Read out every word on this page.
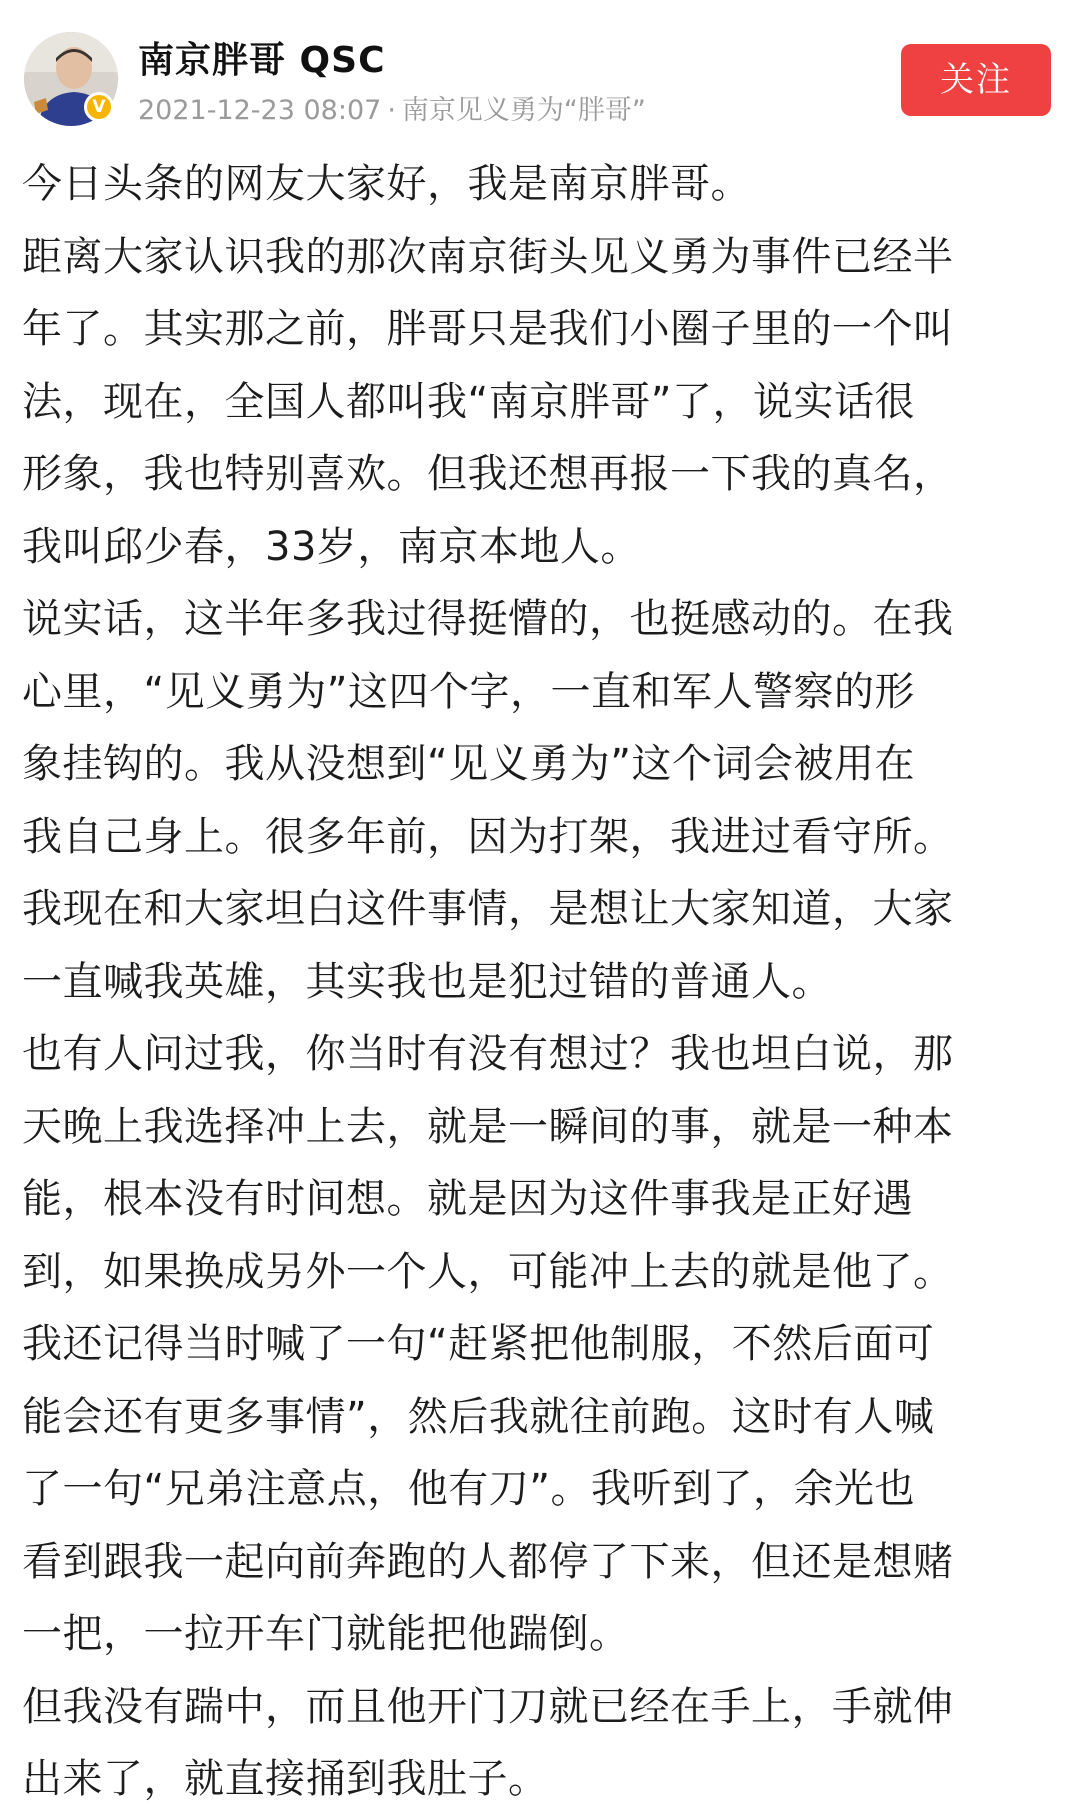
V
南京胖哥 QSC
2021-12-23 08:07 · 南京见义勇为“胖哥”
关注

今日头条的网友大家好，我是南京胖哥。

距离大家认识我的那次南京街头见义勇为事件已经半
年了。其实那之前，胖哥只是我们小圈子里的一个叫
法，现在，全国人都叫我“南京胖哥”了，说实话很
形象，我也特别喜欢。但我还想再报一下我的真名，
我叫邱少春，33岁，南京本地人。

说实话，这半年多我过得挺懵的，也挺感动的。在我
心里，“见义勇为”这四个字，一直和军人警察的形
象挂钩的。我从没想到“见义勇为”这个词会被用在
我自己身上。很多年前，因为打架，我进过看守所。
我现在和大家坦白这件事情，是想让大家知道，大家
一直喊我英雄，其实我也是犯过错的普通人。

也有人问过我，你当时有没有想过？我也坦白说，那
天晚上我选择冲上去，就是一瞬间的事，就是一种本
能，根本没有时间想。就是因为这件事我是正好遇
到，如果换成另外一个人，可能冲上去的就是他了。
我还记得当时喊了一句“赶紧把他制服，不然后面可
能会还有更多事情”，然后我就往前跑。这时有人喊
了一句“兄弟注意点，他有刀”。我听到了，余光也
看到跟我一起向前奔跑的人都停了下来，但还是想赌
一把，一拉开车门就能把他踹倒。

但我没有踹中，而且他开门刀就已经在手上，手就伸
出来了，就直接捅到我肚子。
